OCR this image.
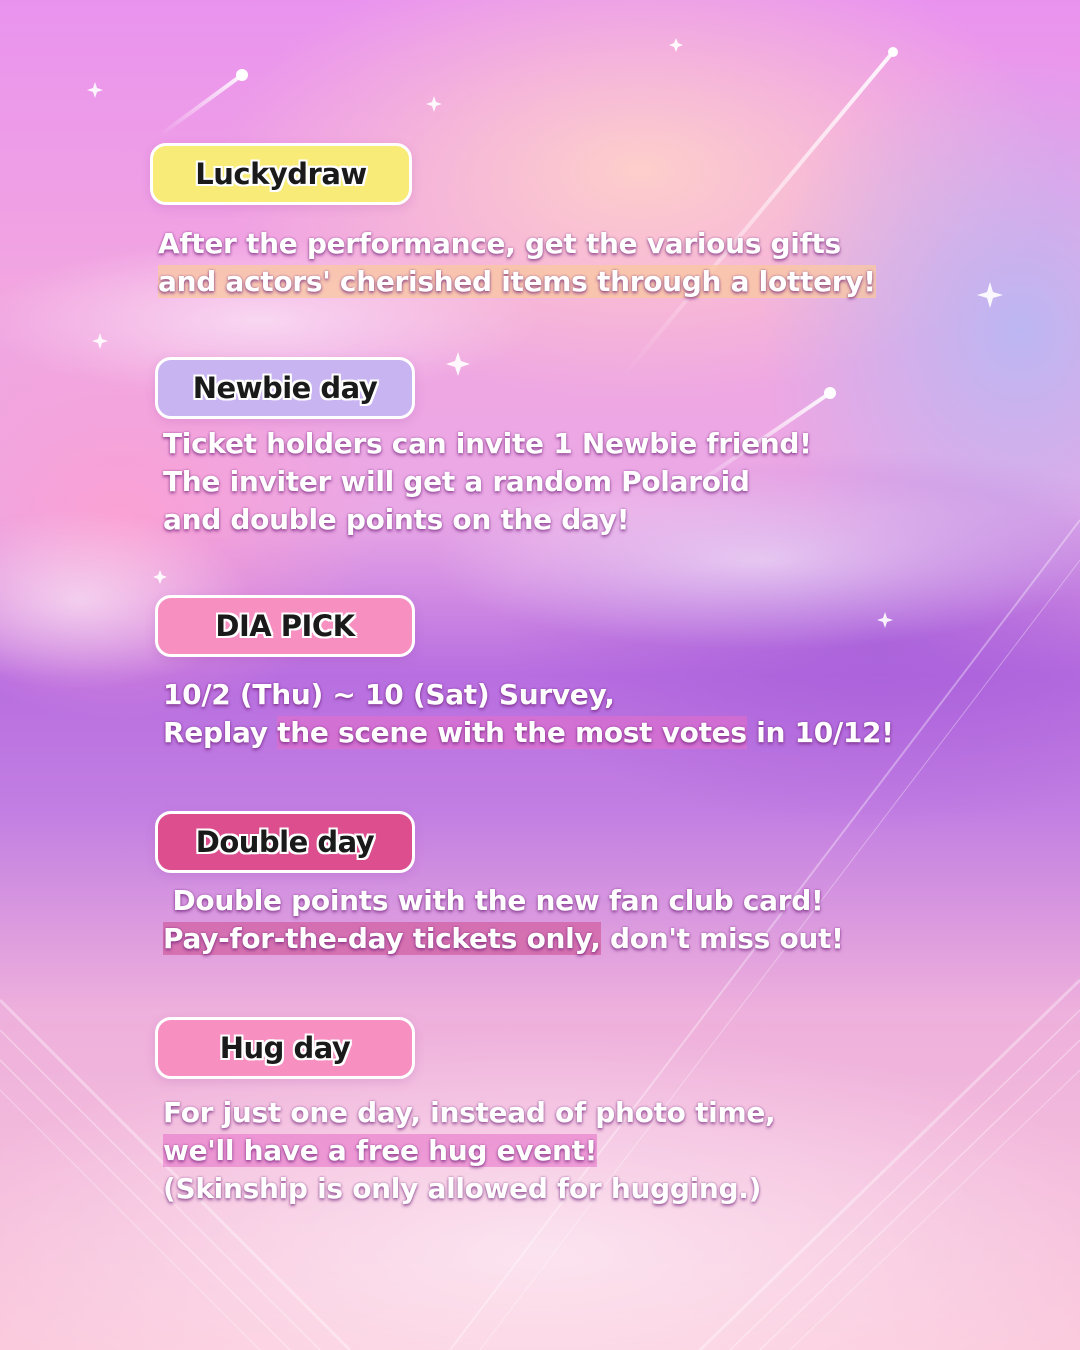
Luckydraw
After the performance, get the various gifts
and actors' cherished items through a lottery!
Newbie day
Ticket holders can invite 1 Newbie friend!
The inviter will get a random Polaroid
and double points on the day!
DIA PICK
10/2 (Thu) ~ 10 (Sat) Survey,
Replay the scene with the most votes in 10/12!
Double day
Double points with the new fan club card!
Pay-for-the-day tickets only, don't miss out!
Hug day
For just one day, instead of photo time,
we'll have a free hug event!
(Skinship is only allowed for hugging.)
